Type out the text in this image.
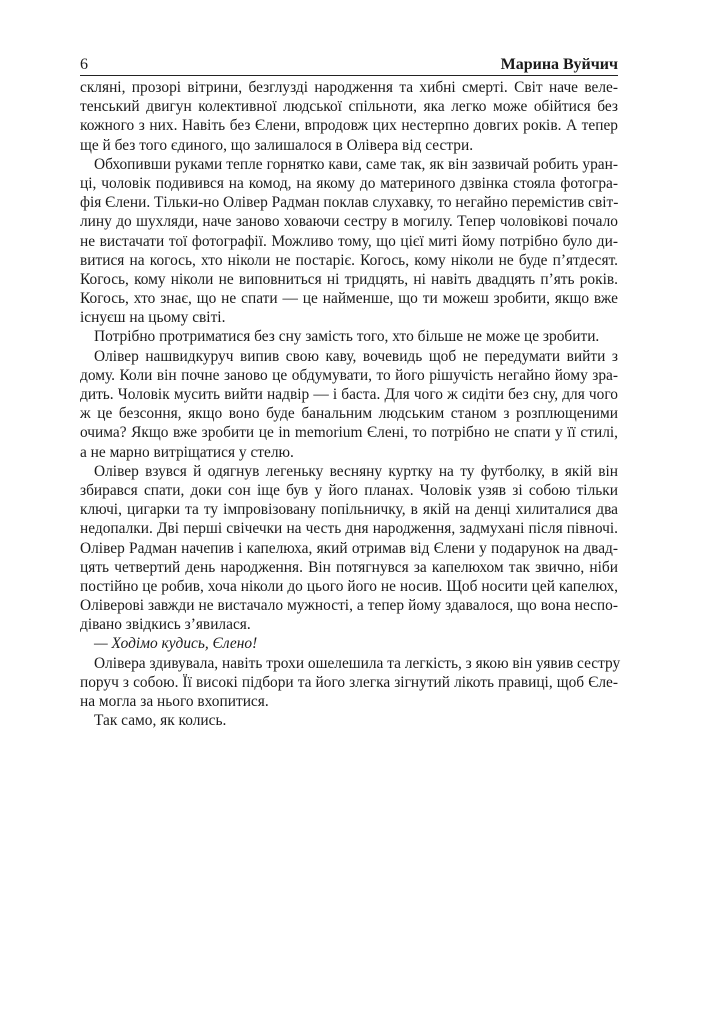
6	Марина Вуйчич
скляні, прозорі вітрини, безглузді народження та хибні смерті. Світ наче веле-
тенський двигун колективної людської спільноти, яка легко може обійтися без
кожного з них. Навіть без Єлени, впродовж цих нестерпно довгих років. А тепер
ще й без того єдиного, що залишалося в Олівера від сестри.
Обхопивши руками тепле горнятко кави, саме так, як він зазвичай робить уран-
ці, чоловік подивився на комод, на якому до материного дзвінка стояла фотогра-
фія Єлени. Тільки-но Олівер Радман поклав слухавку, то негайно перемістив світ-
лину до шухляди, наче заново ховаючи сестру в могилу. Тепер чоловікові почало
не вистачати тої фотографії. Можливо тому, що цієї миті йому потрібно було ди-
витися на когось, хто ніколи не постаріє. Когось, кому ніколи не буде п’ятдесят.
Когось, кому ніколи не виповниться ні тридцять, ні навіть двадцять п’ять років.
Когось, хто знає, що не спати — це найменше, що ти можеш зробити, якщо вже
існуєш на цьому світі.
Потрібно протриматися без сну замість того, хто більше не може це зробити.
Олівер нашвидкуруч випив свою каву, вочевидь щоб не передумати вийти з
дому. Коли він почне заново це обдумувати, то його рішучість негайно йому зра-
дить. Чоловік мусить вийти надвір — і баста. Для чого ж сидіти без сну, для чого
ж це безсоння, якщо воно буде банальним людським станом з розплющеними
очима? Якщо вже зробити це in memorium Єлені, то потрібно не спати у її стилі,
а не марно витріщатися у стелю.
Олівер взувся й одягнув легеньку весняну куртку на ту футболку, в якій він
збирався спати, доки сон іще був у його планах. Чоловік узяв зі собою тільки
ключі, цигарки та ту імпровізовану попільничку, в якій на денці хилиталися два
недопалки. Дві перші свічечки на честь дня народження, задмухані після півночі.
Олівер Радман начепив і капелюха, який отримав від Єлени у подарунок на двад-
цять четвертий день народження. Він потягнувся за капелюхом так звично, ніби
постійно це робив, хоча ніколи до цього його не носив. Щоб носити цей капелюх,
Оліверові завжди не вистачало мужності, а тепер йому здавалося, що вона неспо-
дівано звідкись з’явилася.
— Ходімо кудись, Єлено!
Олівера здивувала, навіть трохи ошелешила та легкість, з якою він уявив сестру
поруч з собою. Її високі підбори та його злегка зігнутий лікоть правиці, щоб Єле-
на могла за нього вхопитися.
Так само, як колись.
